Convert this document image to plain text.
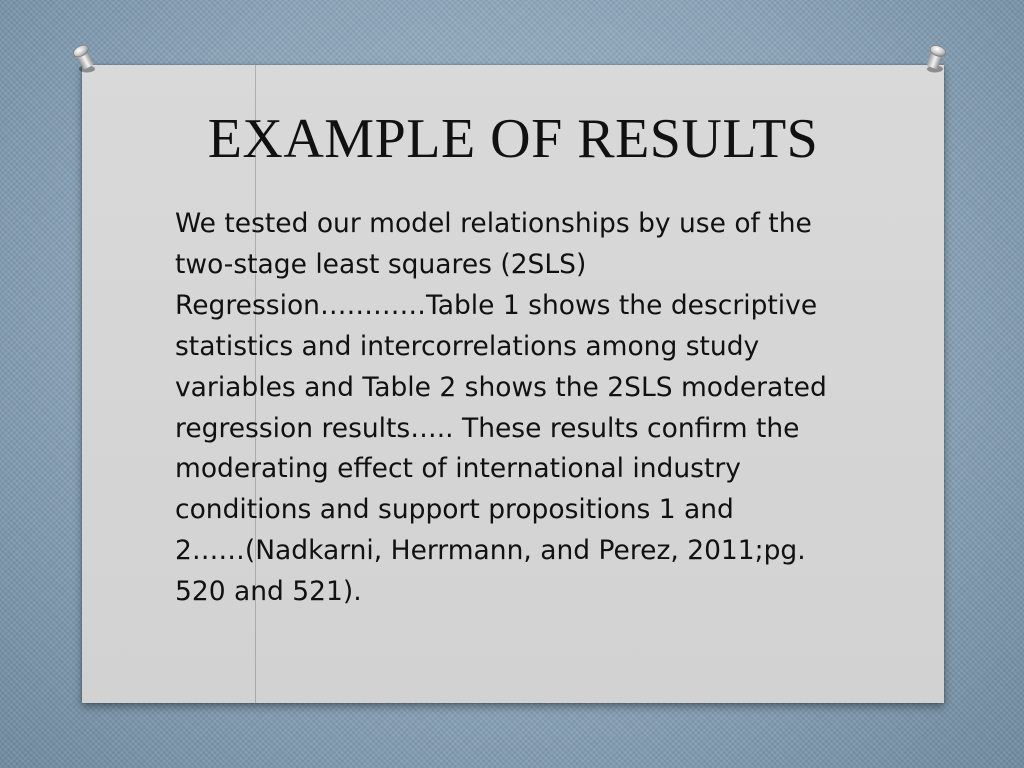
EXAMPLE OF RESULTS

We tested our model relationships by use of the
two-stage least squares (2SLS)
Regression…………Table 1 shows the descriptive
statistics and intercorrelations among study
variables and Table 2 shows the 2SLS moderated
regression results….. These results confirm the
moderating effect of international industry
conditions and support propositions 1 and
2……(Nadkarni, Herrmann, and Perez, 2011;pg.
520 and 521).
